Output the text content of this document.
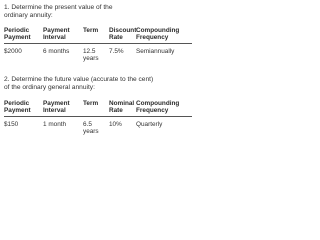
1. Determine the present value of the ordinary annuity:
Periodic Payment	Payment Interval	Term	Discount Rate	Compounding Frequency
$2000	6 months	12.5 years	7.5%	Semiannually
2. Determine the future value (accurate to the cent) of the ordinary general annuity:
Periodic Payment	Payment Interval	Term	Nominal Rate	Compounding Frequency
$150	1 month	6.5 years	10%	Quarterly
